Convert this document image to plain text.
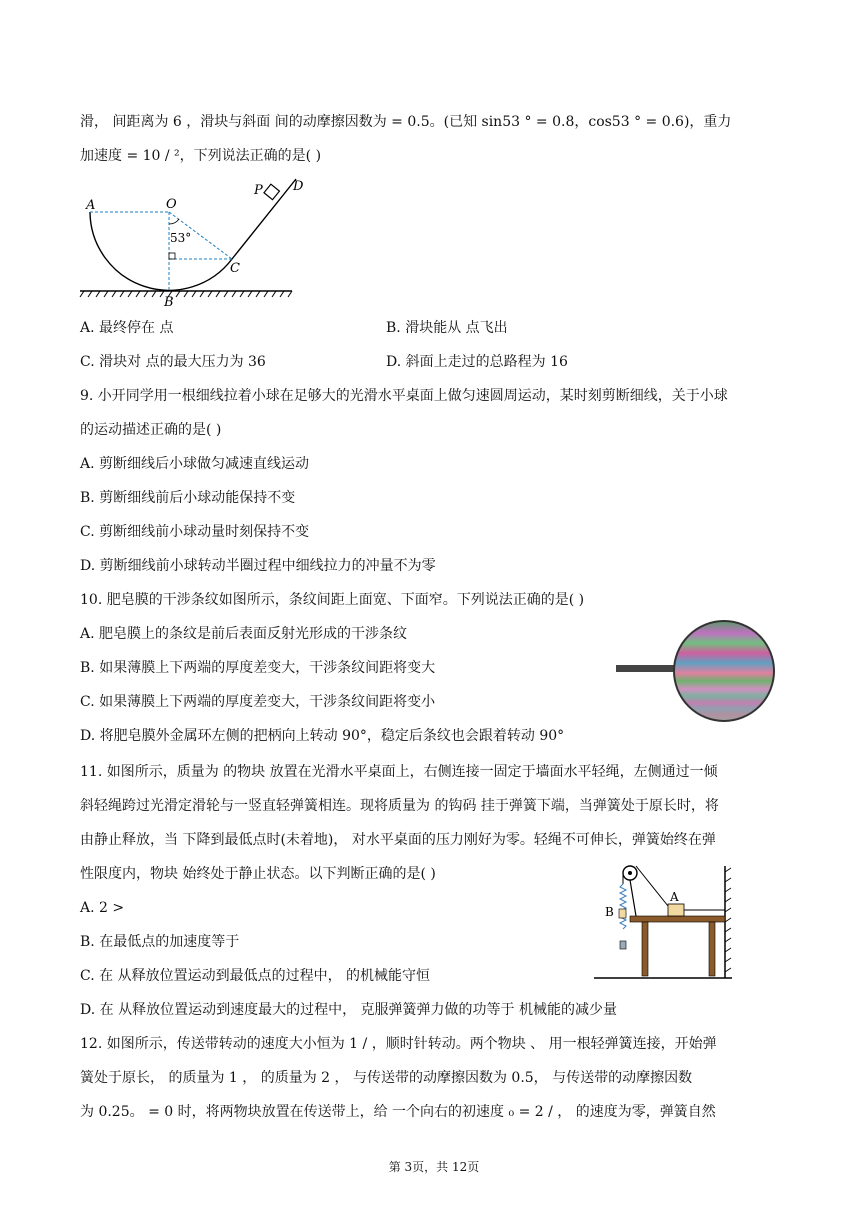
滑， 间距离为 6 ，滑块与斜面 间的动摩擦因数为 = 0.5。(已知 sin53 ° = 0.8，cos53 ° = 0.6)，重力
加速度 = 10 / ²，下列说法正确的是( )
A	O
53°
C
B
P D
A. 最终停在 点	B. 滑块能从 点飞出
C. 滑块对 点的最大压力为 36	D. 斜面上走过的总路程为 16
9. 小开同学用一根细线拉着小球在足够大的光滑水平桌面上做匀速圆周运动，某时刻剪断细线，关于小球
的运动描述正确的是( )
A. 剪断细线后小球做匀减速直线运动
B. 剪断细线前后小球动能保持不变
C. 剪断细线前小球动量时刻保持不变
D. 剪断细线前小球转动半圈过程中细线拉力的冲量不为零
10. 肥皂膜的干涉条纹如图所示，条纹间距上面宽、下面窄。下列说法正确的是( )
A. 肥皂膜上的条纹是前后表面反射光形成的干涉条纹
B. 如果薄膜上下两端的厚度差变大，干涉条纹间距将变大
C. 如果薄膜上下两端的厚度差变大，干涉条纹间距将变小
D. 将肥皂膜外金属环左侧的把柄向上转动 90°，稳定后条纹也会跟着转动 90°
11. 如图所示，质量为 的物块 放置在光滑水平桌面上，右侧连接一固定于墙面水平轻绳，左侧通过一倾
斜轻绳跨过光滑定滑轮与一竖直轻弹簧相连。现将质量为 的钩码 挂于弹簧下端，当弹簧处于原长时，将
由静止释放，当 下降到最低点时(未着地)， 对水平桌面的压力刚好为零。轻绳不可伸长，弹簧始终在弹
性限度内，物块 始终处于静止状态。以下判断正确的是( )
A. 2 >
B. 在最低点的加速度等于
C. 在 从释放位置运动到最低点的过程中， 的机械能守恒
D. 在 从释放位置运动到速度最大的过程中， 克服弹簧弹力做的功等于 机械能的减少量
A
B
12. 如图所示，传送带转动的速度大小恒为 1 / ，顺时针转动。两个物块 、 用一根轻弹簧连接，开始弹
簧处于原长， 的质量为 1 ， 的质量为 2 ， 与传送带的动摩擦因数为 0.5， 与传送带的动摩擦因数
为 0.25。 = 0 时，将两物块放置在传送带上，给 一个向右的初速度 ₀ = 2 / ， 的速度为零，弹簧自然
第 3页，共 12页
